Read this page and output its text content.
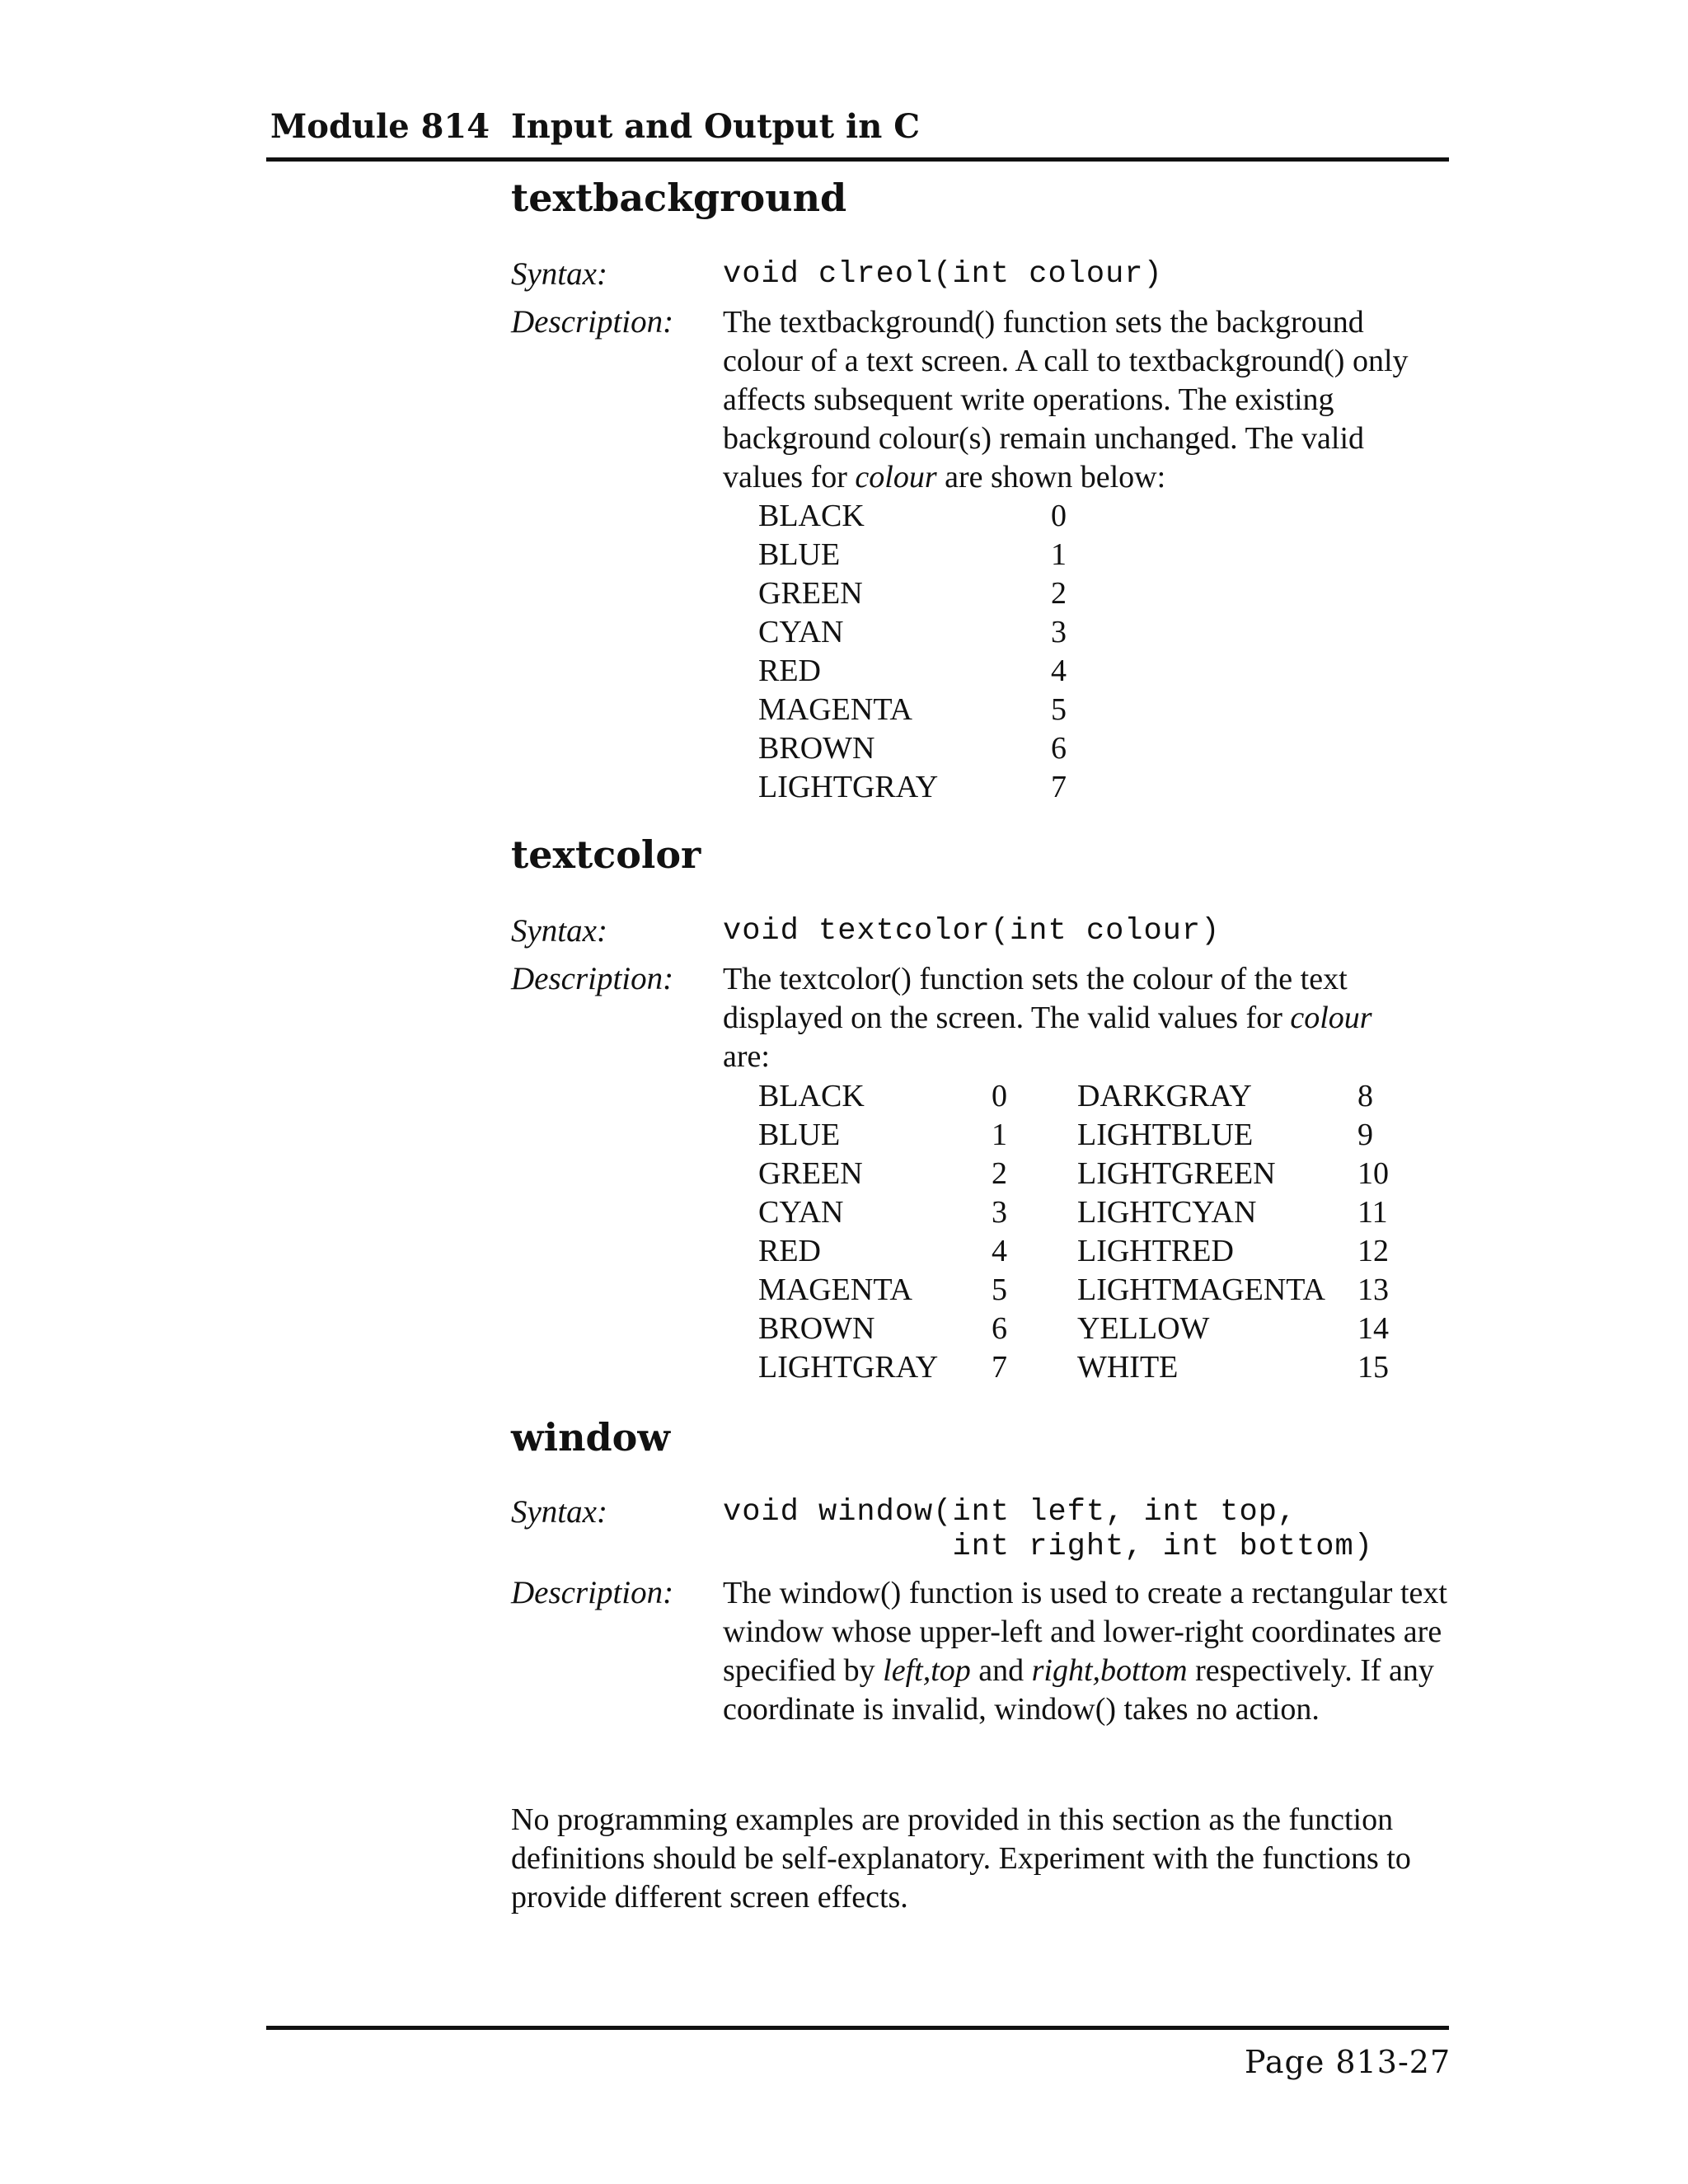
Module 814 Input and Output in C
textbackground
Syntax:	void clreol(int colour)
Description: The textbackground() function sets the background colour of a text screen. A call to textbackground() only affects subsequent write operations. The existing background colour(s) remain unchanged. The valid values for colour are shown below:
BLACK	0
BLUE	1
GREEN	2
CYAN	3
RED	4
MAGENTA	5
BROWN	6
LIGHTGRAY	7
textcolor
Syntax:	void textcolor(int colour)
Description: The textcolor() function sets the colour of the text displayed on the screen. The valid values for colour are:
BLACK	0 DARKGRAY	8
BLUE	1 LIGHTBLUE	9
GREEN	2 LIGHTGREEN	10
CYAN	3 LIGHTCYAN	11
RED	4 LIGHTRED	12
MAGENTA	5 LIGHTMAGENTA 13
BROWN	6 YELLOW	14
LIGHTGRAY 7 WHITE	15
window
Syntax:	void window(int left, int top,
int right, int bottom)
Description: The window() function is used to create a rectangular text window whose upper-left and lower-right coordinates are specified by left,top and right,bottom respectively. If any coordinate is invalid, window() takes no action.
No programming examples are provided in this section as the function definitions should be self-explanatory. Experiment with the functions to provide different screen effects.
Page 813-27
